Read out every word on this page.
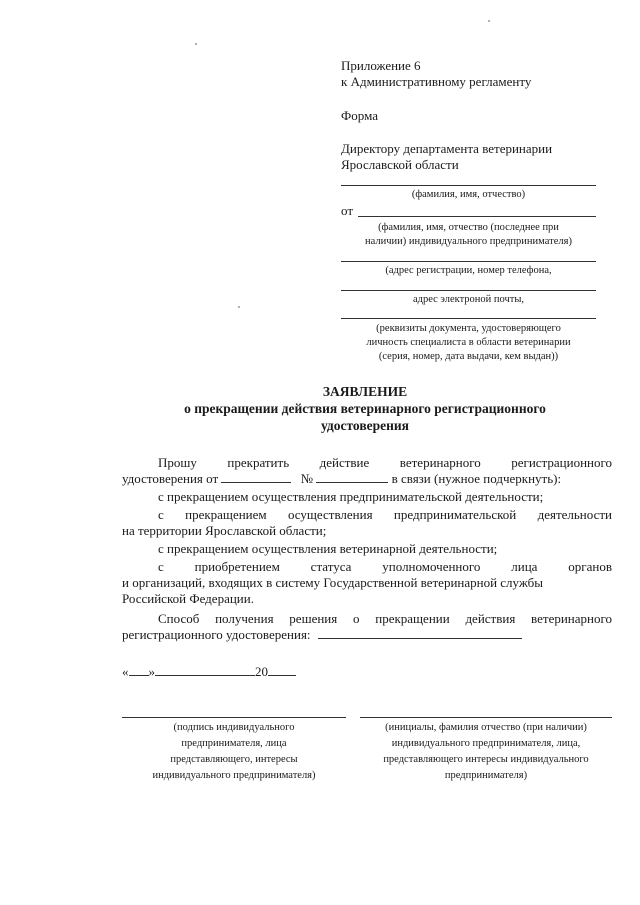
Приложение 6
к Административному регламенту
Форма
Директору департамента ветеринарии
Ярославской области
(фамилия, имя, отчество)
от
(фамилия, имя, отчество (последнее при
наличии) индивидуального предпринимателя)
(адрес регистрации, номер телефона,
адрес электроной почты,
(реквизиты документа, удостоверяющего
личность специалиста в области ветеринарии
(серия, номер, дата выдачи, кем выдан))
ЗАЯВЛЕНИЕ
о прекращении действия ветеринарного регистрационного
удостоверения
Прошу прекратить действие ветеринарного регистрационного
удостоверения от	№	в связи (нужное подчеркнуть):
с прекращением осуществления предпринимательской деятельности;
с прекращением осуществления предпринимательской деятельности
на территории Ярославской области;
с прекращением осуществления ветеринарной деятельности;
с приобретением статуса уполномоченного лица органов
и организаций, входящих в систему Государственной ветеринарной службы
Российской Федерации.
Способ получения решения о прекращении действия ветеринарного
регистрационного удостоверения:
« »	20
(подпись индивидуального
предпринимателя, лица
представляющего, интересы
индивидуального предпринимателя)
(инициалы, фамилия отчество (при наличии)
индивидуального предпринимателя, лица,
представляющего интересы индивидуального
предпринимателя)
